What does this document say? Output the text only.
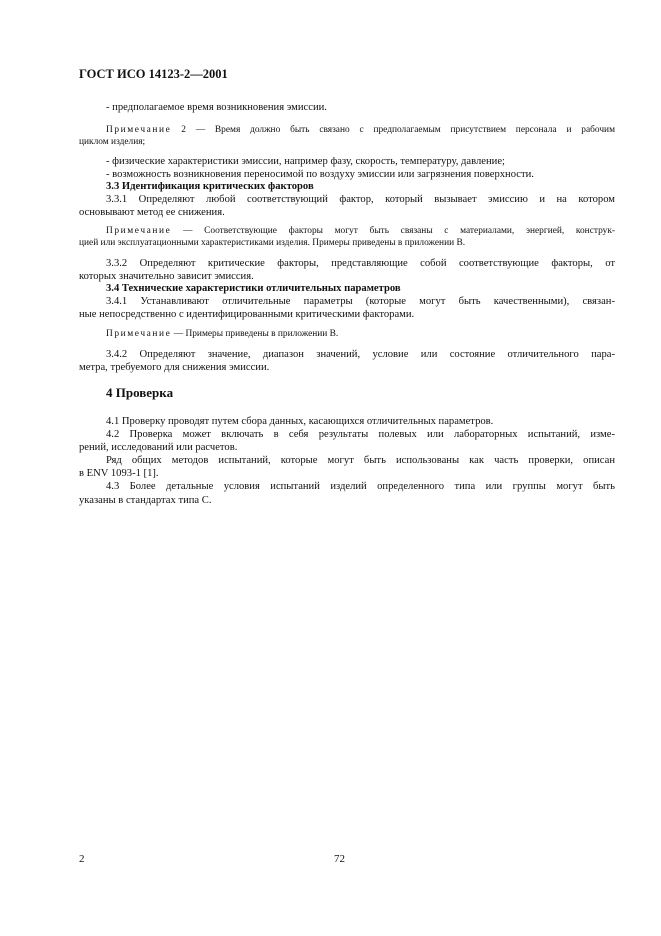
ГОСТ ИСО 14123-2—2001
- предполагаемое время возникновения эмиссии.
Примечание 2 — Время должно быть связано с предполагаемым присутствием персонала и рабочим
циклом изделия;
- физические характеристики эмиссии, например фазу, скорость, температуру, давление;
- возможность возникновения переносимой по воздуху эмиссии или загрязнения поверхности.
3.3 Идентификация критических факторов
3.3.1 Определяют любой соответствующий фактор, который вызывает эмиссию и на котором
основывают метод ее снижения.
Примечание — Соответствующие факторы могут быть связаны с материалами, энергией, конструк-
цией или эксплуатационными характеристиками изделия. Примеры приведены в приложении В.
3.3.2 Определяют критические факторы, представляющие собой соответствующие факторы, от
которых значительно зависит эмиссия.
3.4 Технические характеристики отличительных параметров
3.4.1 Устанавливают отличительные параметры (которые могут быть качественными), связан-
ные непосредственно с идентифицированными критическими факторами.
Примечание — Примеры приведены в приложении В.
3.4.2 Определяют значение, диапазон значений, условие или состояние отличительного пара-
метра, требуемого для снижения эмиссии.
4 Проверка
4.1 Проверку проводят путем сбора данных, касающихся отличительных параметров.
4.2 Проверка может включать в себя результаты полевых или лабораторных испытаний, изме-
рений, исследований или расчетов.
Ряд общих методов испытаний, которые могут быть использованы как часть проверки, описан
в ENV 1093-1 [1].
4.3 Более детальные условия испытаний изделий определенного типа или группы могут быть
указаны в стандартах типа С.
2	72
